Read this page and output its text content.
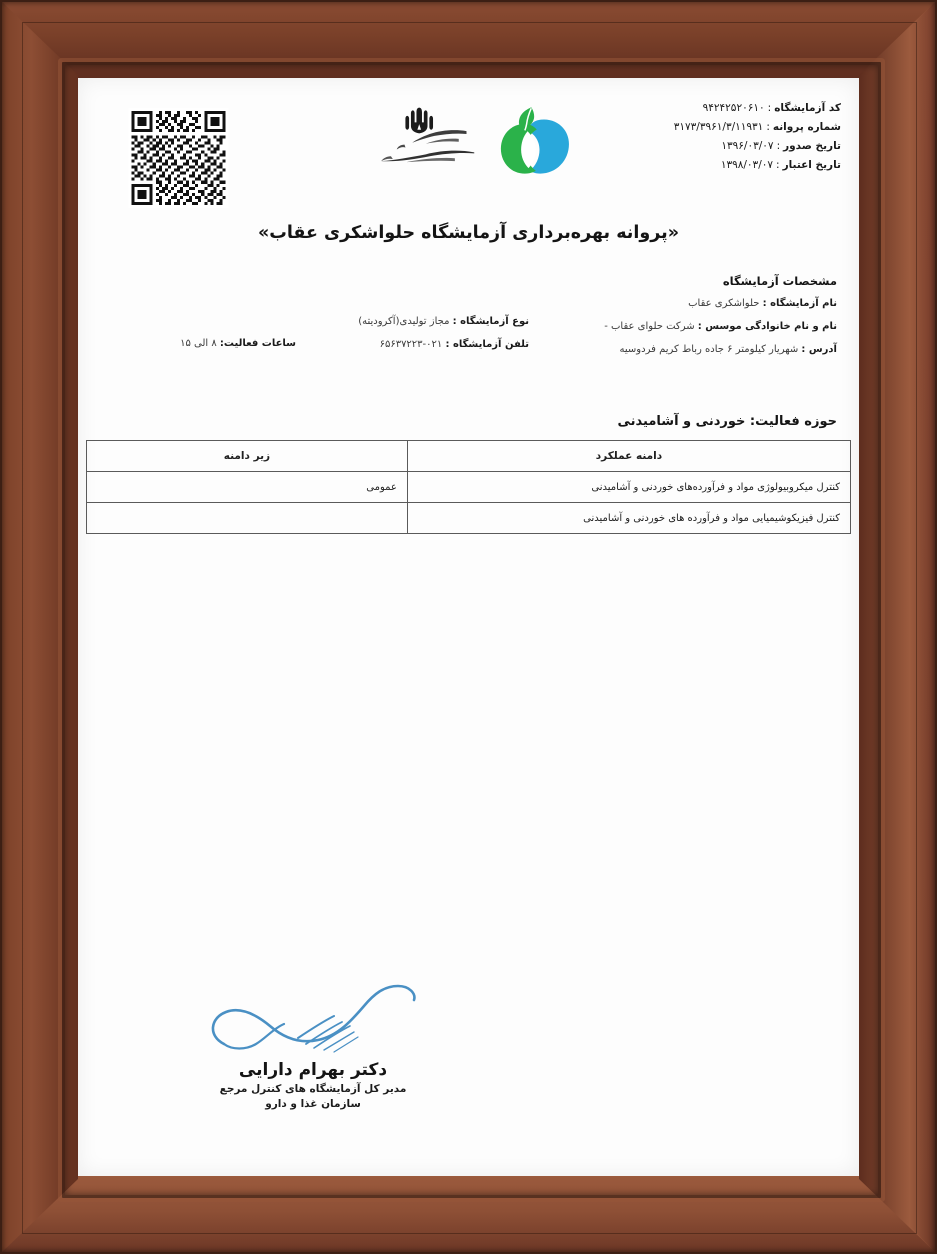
کد آزمایشگاه
:
۹۴۲۴۲۵۲۰۶۱۰
شماره پروانه
:
۳۱۷۳/۳۹۶۱/۳/۱۱۹۳۱
تاریخ صدور
:
۱۳۹۶/۰۳/۰۷
تاریخ اعتبار
:
۱۳۹۸/۰۳/۰۷
«پروانه بهره‌برداری آزمایشگاه حلواشکری عقاب»
مشخصات آزمایشگاه
نام آزمایشگاه : حلواشکری عقاب
نام و نام خانوادگی موسس : شرکت حلوای عقاب -
آدرس : شهریار کیلومتر ۶ جاده رباط کریم فردوسیه
نوع آزمایشگاه : مجاز تولیدی(آکرودیته)
تلفن آزمایشگاه : ۰۲۱-۶۵۶۳۷۲۲۳
ساعات فعالیت: ۸ الی ۱۵
حوزه فعالیت: خوردنی و آشامیدنی
دامنه عملکرد	زیر دامنه
کنترل میکروبیولوژی مواد و فرآورده‌های خوردنی و آشامیدنی	عمومی
کنترل فیزیکوشیمیایی مواد و فرآورده های خوردنی و آشامیدنی	
دکتر بهرام دارایی
مدیر کل آزمایشگاه های کنترل مرجع
سازمان غذا و دارو
